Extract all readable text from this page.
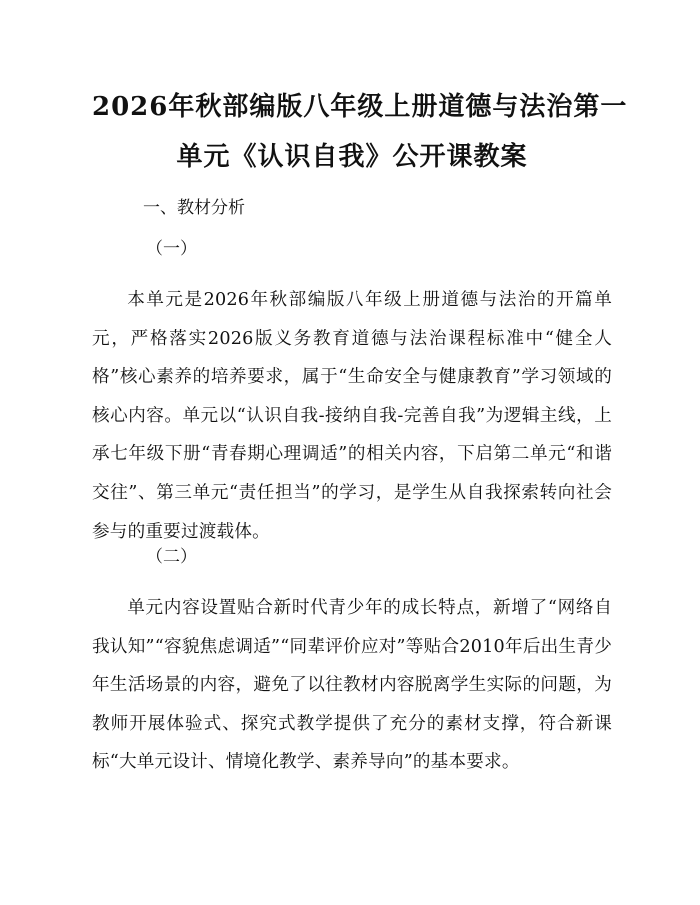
2026年秋部编版八年级上册道德与法治第一
单元《认识自我》公开课教案
一、教材分析
（一）
本单元是2026年秋部编版八年级上册道德与法治的开篇单元，严格落实2026版义务教育道德与法治课程标准中“健全人格”核心素养的培养要求，属于“生命安全与健康教育”学习领域的核心内容。单元以“认识自我-接纳自我-完善自我”为逻辑主线，上承七年级下册“青春期心理调适”的相关内容，下启第二单元“和谐交往”、第三单元“责任担当”的学习，是学生从自我探索转向社会参与的重要过渡载体。
（二）
单元内容设置贴合新时代青少年的成长特点，新增了“网络自我认知”“容貌焦虑调适”“同辈评价应对”等贴合2010年后出生青少年生活场景的内容，避免了以往教材内容脱离学生实际的问题，为教师开展体验式、探究式教学提供了充分的素材支撑，符合新课标“大单元设计、情境化教学、素养导向”的基本要求。
